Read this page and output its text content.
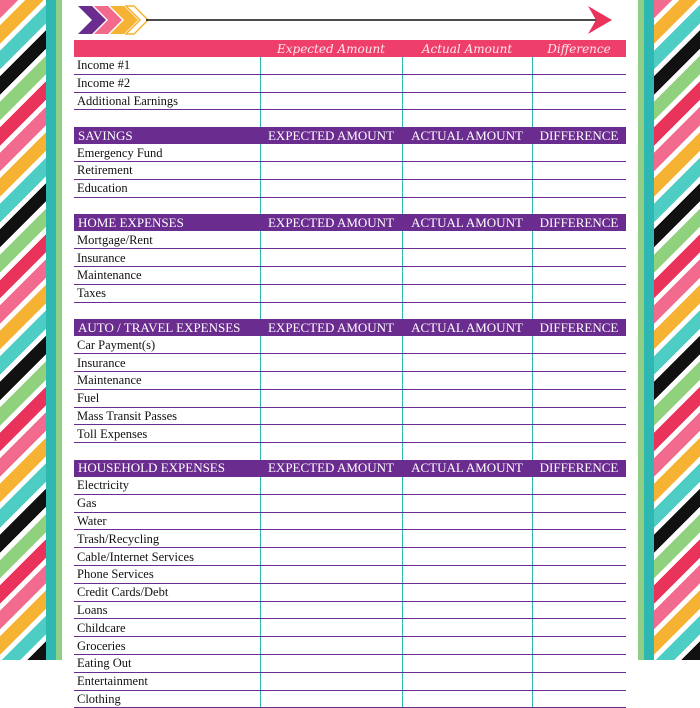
	Expected Amount	Actual Amount	Difference
Income #1			
Income #2			
Additional Earnings			

SAVINGS	EXPECTED AMOUNT	ACTUAL AMOUNT	DIFFERENCE
Emergency Fund			
Retirement			
Education			

HOME EXPENSES	EXPECTED AMOUNT	ACTUAL AMOUNT	DIFFERENCE
Mortgage/Rent			
Insurance			
Maintenance			
Taxes			

AUTO / TRAVEL EXPENSES	EXPECTED AMOUNT	ACTUAL AMOUNT	DIFFERENCE
Car Payment(s)			
Insurance			
Maintenance			
Fuel			
Mass Transit Passes			
Toll Expenses			

HOUSEHOLD EXPENSES	EXPECTED AMOUNT	ACTUAL AMOUNT	DIFFERENCE
Electricity			
Gas			
Water			
Trash/Recycling			
Cable/Internet Services			
Phone Services			
Credit Cards/Debt			
Loans			
Childcare			
Groceries			
Eating Out			
Entertainment			
Clothing			
